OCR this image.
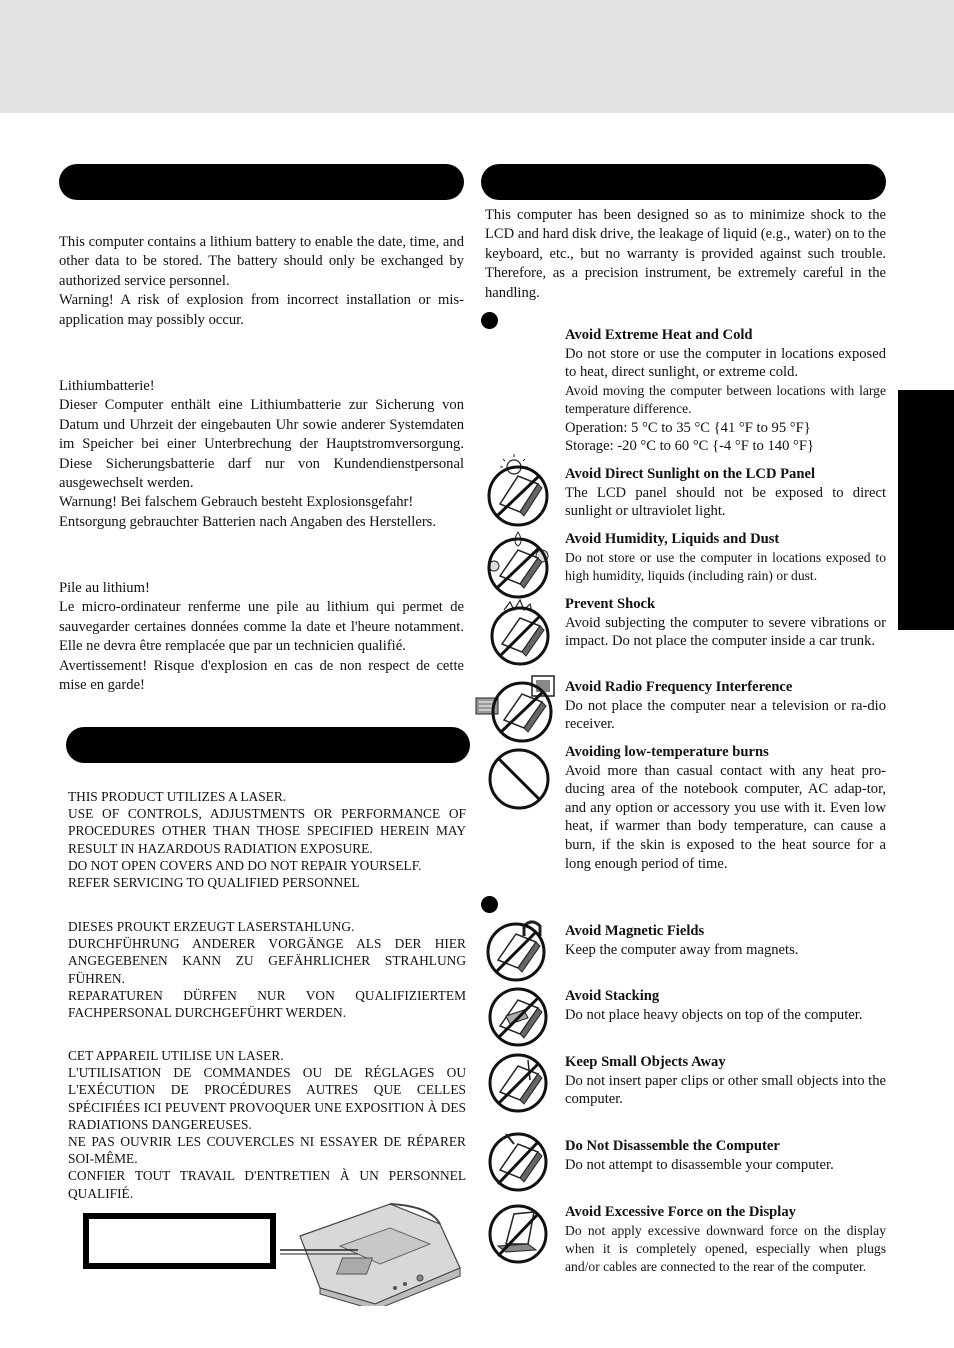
This computer contains a lithium battery to enable the date, time, and other data to be stored. The battery should only be exchanged by authorized service personnel.

Warning! A risk of explosion from incorrect installation or mis-application may possibly occur.

Lithiumbatterie!

Dieser Computer enthält eine Lithiumbatterie zur Sicherung von Datum und Uhrzeit der eingebauten Uhr sowie anderer Systemdaten im Speicher bei einer Unterbrechung der Hauptstromversorgung. Diese Sicherungsbatterie darf nur von Kundendienstpersonal ausgewechselt werden.

Warnung! Bei falschem Gebrauch besteht Explosionsgefahr!

Entsorgung gebrauchter Batterien nach Angaben des Herstellers.

Pile au lithium!

Le micro-ordinateur renferme une pile au lithium qui permet de sauvegarder certaines données comme la date et l'heure notamment. Elle ne devra être remplacée que par un technicien qualifié.

Avertissement! Risque d'explosion en cas de non respect de cette mise en garde!

THIS PRODUCT UTILIZES A LASER.

USE OF CONTROLS, ADJUSTMENTS OR PERFORMANCE OF PROCEDURES OTHER THAN THOSE SPECIFIED HEREIN MAY RESULT IN HAZARDOUS RADIATION EXPOSURE.

DO NOT OPEN COVERS AND DO NOT REPAIR YOURSELF.

REFER SERVICING TO QUALIFIED PERSONNEL

DIESES PROUKT ERZEUGT LASERSTAHLUNG.

DURCHFÜHRUNG ANDERER VORGÄNGE ALS DER HIER ANGEGEBENEN KANN ZU GEFÄHRLICHER STRAHLUNG FÜHREN.

REPARATUREN DÜRFEN NUR VON QUALIFIZIERTEM FACHPERSONAL DURCHGEFÜHRT WERDEN.

CET APPAREIL UTILISE UN LASER.

L'UTILISATION DE COMMANDES OU DE RÉGLAGES OU L'EXÉCUTION DE PROCÉDURES AUTRES QUE CELLES SPÉCIFIÉES ICI PEUVENT PROVOQUER UNE EXPOSITION À DES RADIATIONS DANGEREUSES.

NE PAS OUVRIR LES COUVERCLES NI ESSAYER DE RÉPARER SOI-MÊME.

CONFIER TOUT TRAVAIL D'ENTRETIEN À UN PERSONNEL QUALIFIÉ.

This computer has been designed so as to minimize shock to the LCD and hard disk drive, the leakage of liquid (e.g., water) on to the keyboard, etc., but no warranty is provided against such trouble. Therefore, as a precision instrument, be extremely careful in the handling.

Avoid Extreme Heat and Cold
Do not store or use the computer in locations exposed to heat, direct sunlight, or extreme cold.
Avoid moving the computer between locations with large temperature difference.
Operation: 5 °C to 35 °C {41 °F to 95 °F}
Storage: -20 °C to 60 °C {-4 °F to 140 °F}
Avoid Direct Sunlight on the LCD Panel
The LCD panel should not be exposed to direct sunlight or ultraviolet light.
Avoid Humidity, Liquids and Dust
Do not store or use the computer in locations exposed to high humidity, liquids (including rain) or dust.
Prevent Shock
Avoid subjecting the computer to severe vibrations or impact. Do not place the computer inside a car trunk.
Avoid Radio Frequency Interference
Do not place the computer near a television or ra-dio receiver.
Avoiding low-temperature burns
Avoid more than casual contact with any heat pro-ducing area of the notebook computer, AC adap-tor, and any option or accessory you use with it. Even low heat, if warmer than body temperature, can cause a burn, if the skin is exposed to the heat source for a long enough period of time.
Avoid Magnetic Fields
Keep the computer away from magnets.
Avoid Stacking
Do not place heavy objects on top of the computer.
Keep Small Objects Away
Do not insert paper clips or other small objects into the computer.
Do Not Disassemble the Computer
Do not attempt to disassemble your computer.
Avoid Excessive Force on the Display
Do not apply excessive downward force on the display when it is completely opened, especially when plugs and/or cables are connected to the rear of the computer.
